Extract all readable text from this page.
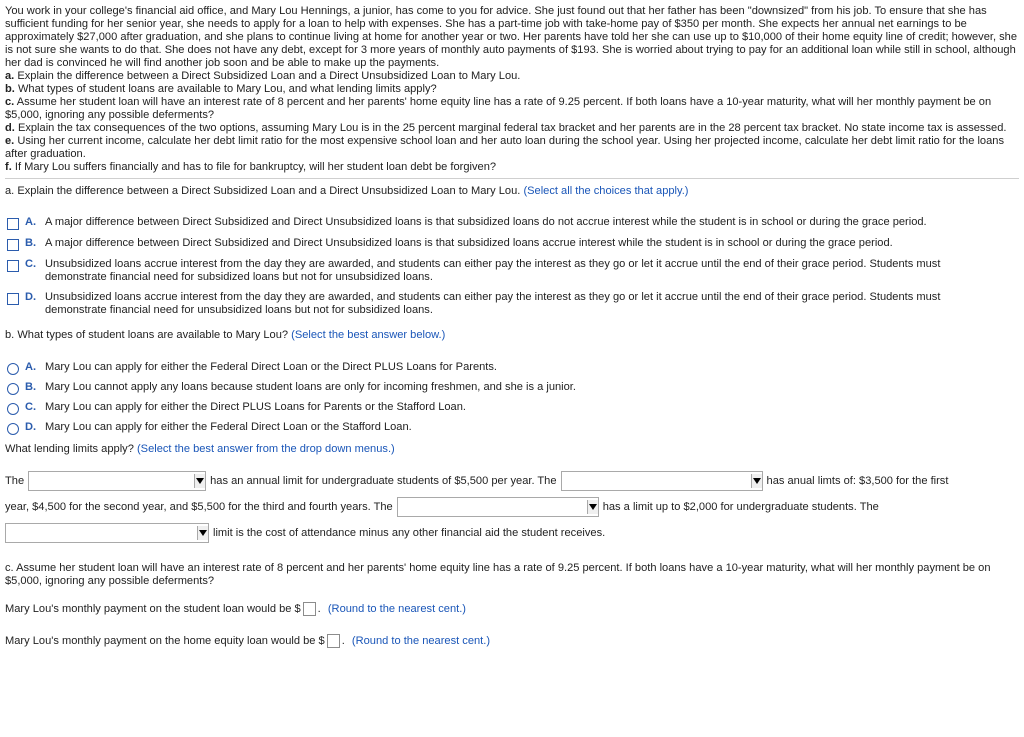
You work in your college's financial aid office, and Mary Lou Hennings, a junior, has come to you for advice. She just found out that her father has been "downsized" from his job. To ensure that she has sufficient funding for her senior year, she needs to apply for a loan to help with expenses. She has a part-time job with take-home pay of $350 per month. She expects her annual net earnings to be approximately $27,000 after graduation, and she plans to continue living at home for another year or two. Her parents have told her she can use up to $10,000 of their home equity line of credit; however, she is not sure she wants to do that. She does not have any debt, except for 3 more years of monthly auto payments of $193. She is worried about trying to pay for an additional loan while still in school, although her dad is convinced he will find another job soon and be able to make up the payments.

a. Explain the difference between a Direct Subsidized Loan and a Direct Unsubsidized Loan to Mary Lou.

b. What types of student loans are available to Mary Lou, and what lending limits apply?

c. Assume her student loan will have an interest rate of 8 percent and her parents' home equity line has a rate of 9.25 percent. If both loans have a 10-year maturity, what will her monthly payment be on $5,000, ignoring any possible deferments?

d. Explain the tax consequences of the two options, assuming Mary Lou is in the 25 percent marginal federal tax bracket and her parents are in the 28 percent tax bracket. No state income tax is assessed.

e. Using her current income, calculate her debt limit ratio for the most expensive school loan and her auto loan during the school year. Using her projected income, calculate her debt limit ratio for the loans after graduation.

f. If Mary Lou suffers financially and has to file for bankruptcy, will her student loan debt be forgiven?

a. Explain the difference between a Direct Subsidized Loan and a Direct Unsubsidized Loan to Mary Lou. (Select all the choices that apply.)
A. A major difference between Direct Subsidized and Direct Unsubsidized loans is that subsidized loans do not accrue interest while the student is in school or during the grace period.
B. A major difference between Direct Subsidized and Direct Unsubsidized loans is that subsidized loans accrue interest while the student is in school or during the grace period.
C. Unsubsidized loans accrue interest from the day they are awarded, and students can either pay the interest as they go or let it accrue until the end of their grace period. Students must demonstrate financial need for subsidized loans but not for unsubsidized loans.
D. Unsubsidized loans accrue interest from the day they are awarded, and students can either pay the interest as they go or let it accrue until the end of their grace period. Students must demonstrate financial need for unsubsidized loans but not for subsidized loans.
b. What types of student loans are available to Mary Lou? (Select the best answer below.)
A. Mary Lou can apply for either the Federal Direct Loan or the Direct PLUS Loans for Parents.
B. Mary Lou cannot apply any loans because student loans are only for incoming freshmen, and she is a junior.
C. Mary Lou can apply for either the Direct PLUS Loans for Parents or the Stafford Loan.
D. Mary Lou can apply for either the Federal Direct Loan or the Stafford Loan.
What lending limits apply? (Select the best answer from the drop down menus.)
The	has an annual limit for undergraduate students of $5,500 per year. The	has anual limts of: $3,500 for the first
year, $4,500 for the second year, and $5,500 for the third and fourth years. The	has a limit up to $2,000 for undergraduate students. The
limit is the cost of attendance minus any other financial aid the student receives.
c. Assume her student loan will have an interest rate of 8 percent and her parents' home equity line has a rate of 9.25 percent. If both loans have a 10-year maturity, what will her monthly payment be on $5,000, ignoring any possible deferments?
Mary Lou's monthly payment on the student loan would be $ . (Round to the nearest cent.)
Mary Lou's monthly payment on the home equity loan would be $ . (Round to the nearest cent.)
